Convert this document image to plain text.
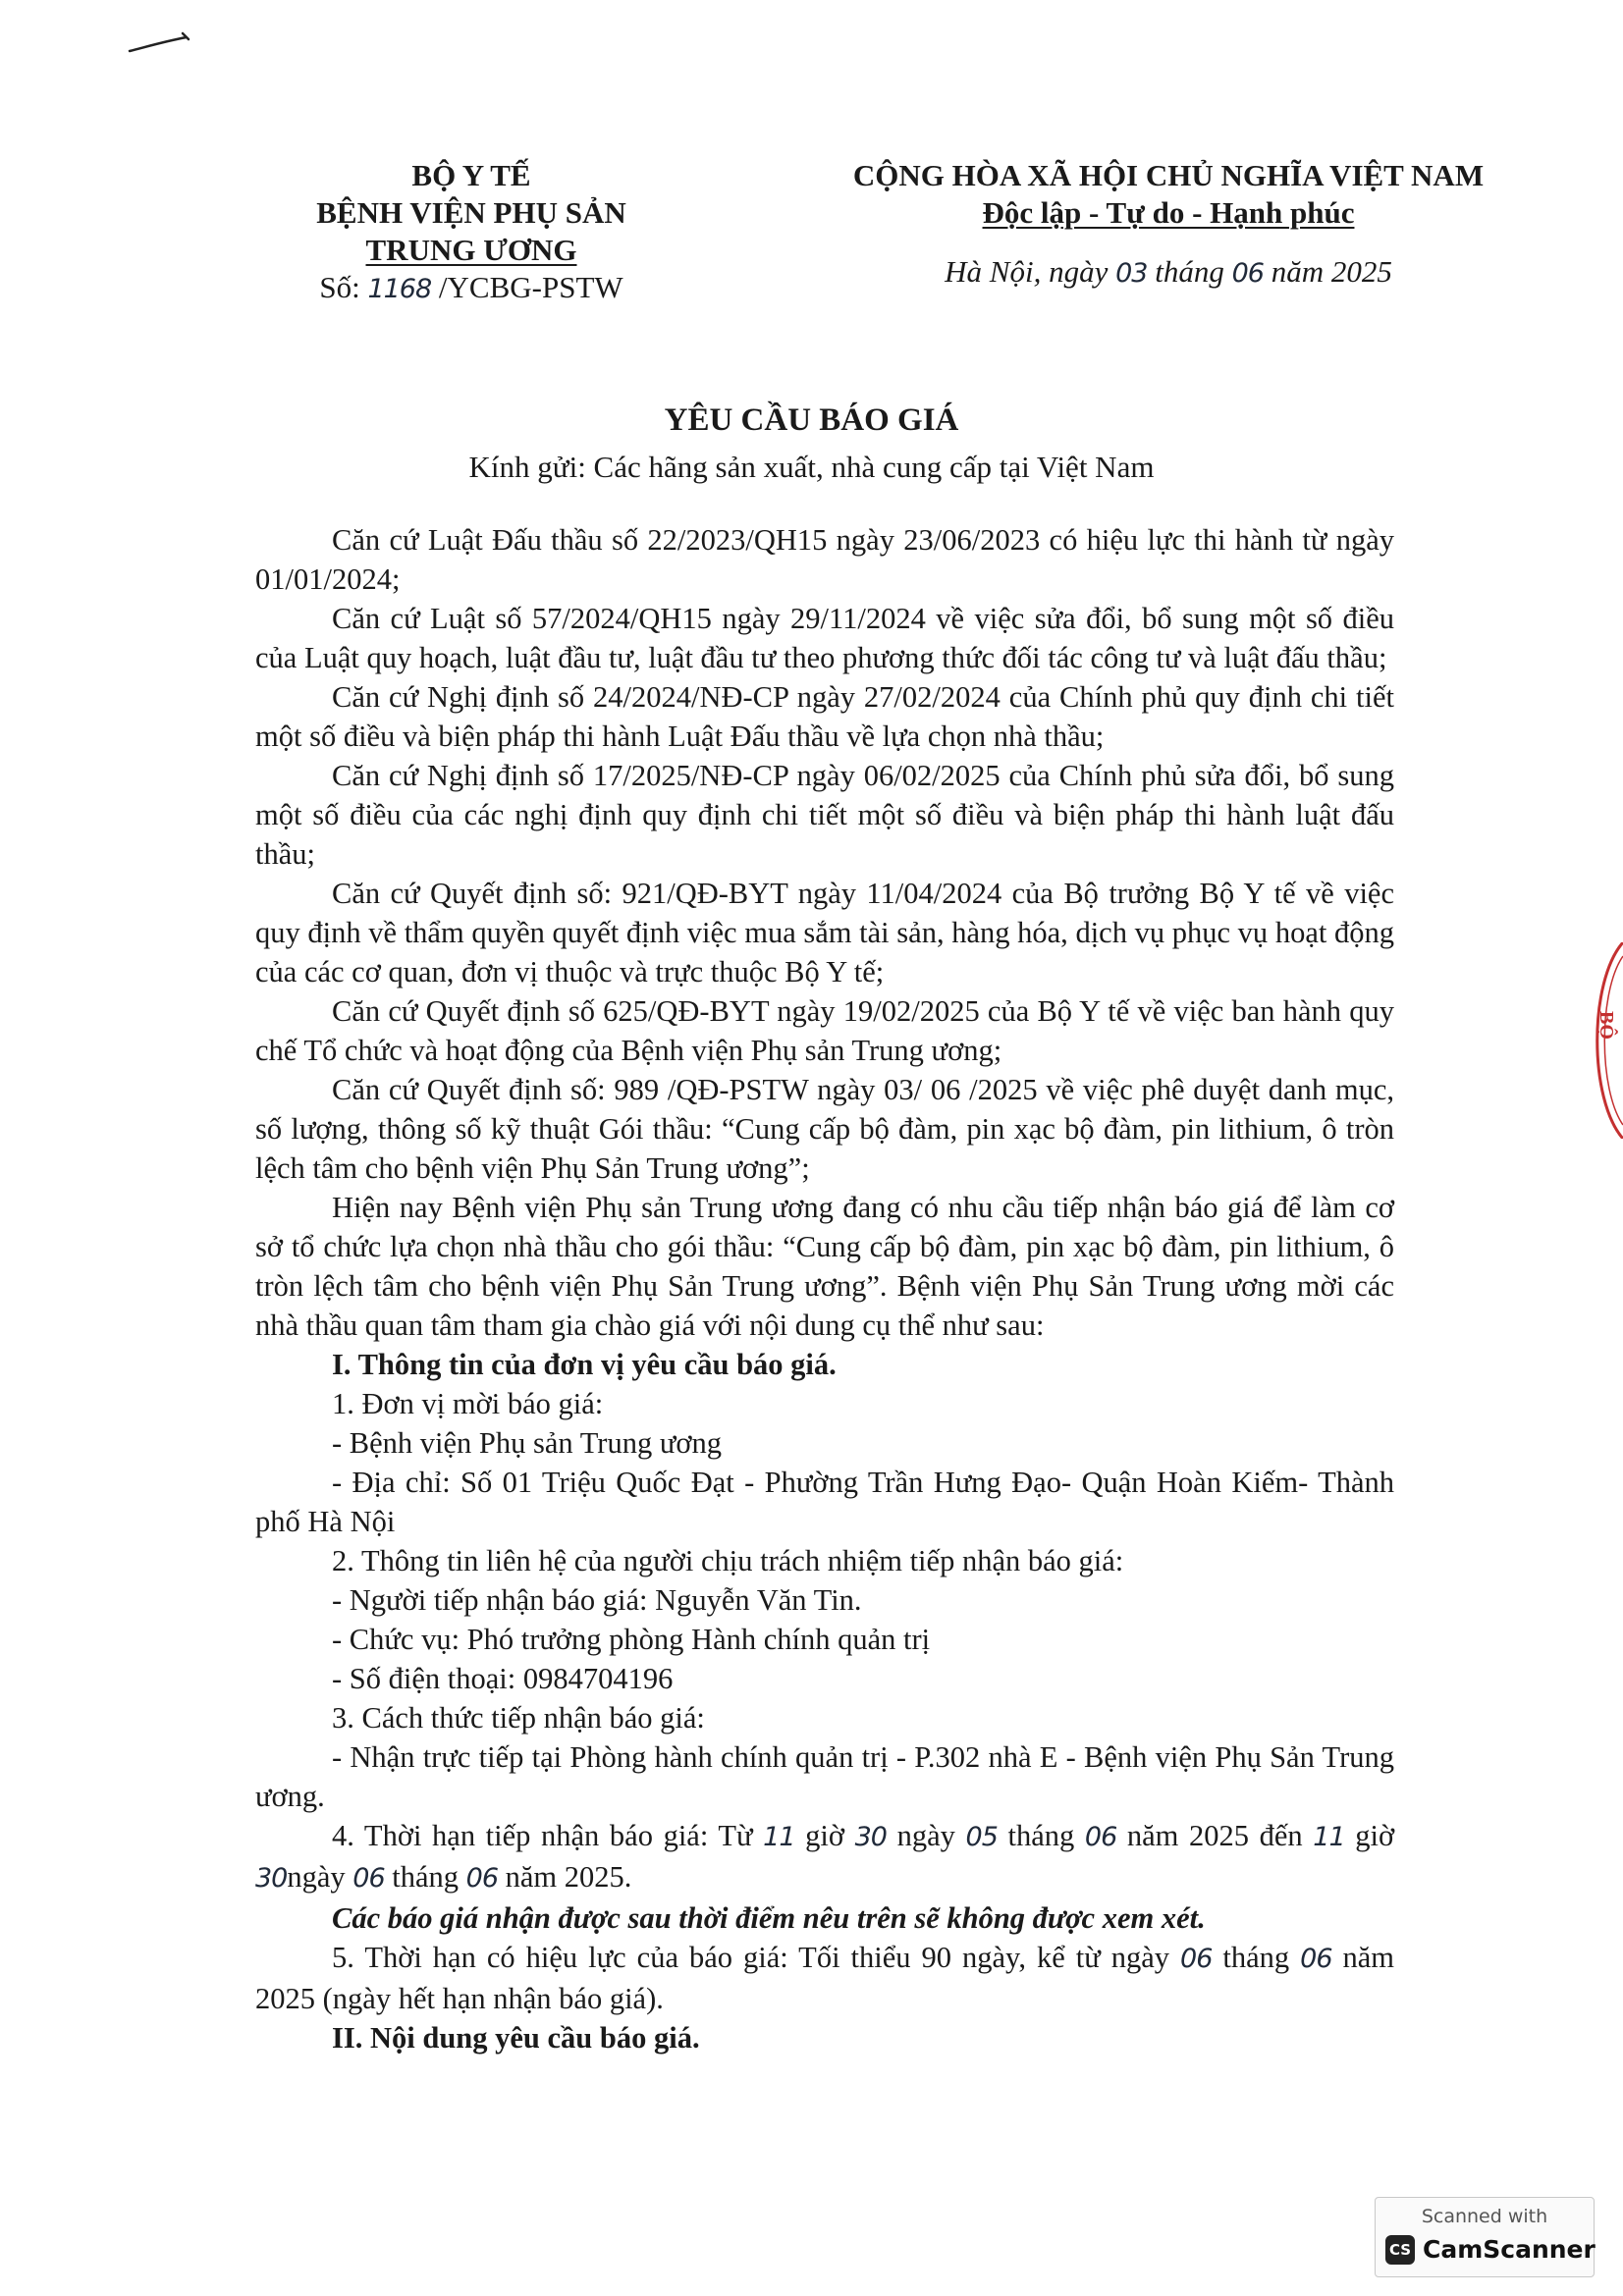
BỘ Y TẾ
BỆNH VIỆN PHỤ SẢN
TRUNG ƯƠNG
Số: 1168 /YCBG-PSTW
CỘNG HÒA XÃ HỘI CHỦ NGHĨA VIỆT NAM
Độc lập - Tự do - Hạnh phúc
Hà Nội, ngày 03 tháng 06 năm 2025
YÊU CẦU BÁO GIÁ
Kính gửi: Các hãng sản xuất, nhà cung cấp tại Việt Nam

Căn cứ Luật Đấu thầu số 22/2023/QH15 ngày 23/06/2023 có hiệu lực thi hành từ ngày 01/01/2024;

Căn cứ Luật số 57/2024/QH15 ngày 29/11/2024 về việc sửa đổi, bổ sung một số điều của Luật quy hoạch, luật đầu tư, luật đầu tư theo phương thức đối tác công tư và luật đấu thầu;

Căn cứ Nghị định số 24/2024/NĐ-CP ngày 27/02/2024 của Chính phủ quy định chi tiết một số điều và biện pháp thi hành Luật Đấu thầu về lựa chọn nhà thầu;

Căn cứ Nghị định số 17/2025/NĐ-CP ngày 06/02/2025 của Chính phủ sửa đổi, bổ sung một số điều của các nghị định quy định chi tiết một số điều và biện pháp thi hành luật đấu thầu;

Căn cứ Quyết định số: 921/QĐ-BYT ngày 11/04/2024 của Bộ trưởng Bộ Y tế về việc quy định về thẩm quyền quyết định việc mua sắm tài sản, hàng hóa, dịch vụ phục vụ hoạt động của các cơ quan, đơn vị thuộc và trực thuộc Bộ Y tế;

Căn cứ Quyết định số 625/QĐ-BYT ngày 19/02/2025 của Bộ Y tế về việc ban hành quy chế Tổ chức và hoạt động của Bệnh viện Phụ sản Trung ương;

Căn cứ Quyết định số: 989 /QĐ-PSTW ngày 03/ 06 /2025 về việc phê duyệt danh mục, số lượng, thông số kỹ thuật Gói thầu: “Cung cấp bộ đàm, pin xạc bộ đàm, pin lithium, ô tròn lệch tâm cho bệnh viện Phụ Sản Trung ương”;

Hiện nay Bệnh viện Phụ sản Trung ương đang có nhu cầu tiếp nhận báo giá để làm cơ sở tổ chức lựa chọn nhà thầu cho gói thầu: “Cung cấp bộ đàm, pin xạc bộ đàm, pin lithium, ô tròn lệch tâm cho bệnh viện Phụ Sản Trung ương”. Bệnh viện Phụ Sản Trung ương mời các nhà thầu quan tâm tham gia chào giá với nội dung cụ thể như sau:

I. Thông tin của đơn vị yêu cầu báo giá.

1. Đơn vị mời báo giá:

- Bệnh viện Phụ sản Trung ương

- Địa chỉ: Số 01 Triệu Quốc Đạt - Phường Trần Hưng Đạo- Quận Hoàn Kiếm- Thành phố Hà Nội

2. Thông tin liên hệ của người chịu trách nhiệm tiếp nhận báo giá:

- Người tiếp nhận báo giá: Nguyễn Văn Tin.

- Chức vụ: Phó trưởng phòng Hành chính quản trị

- Số điện thoại: 0984704196

3. Cách thức tiếp nhận báo giá:

- Nhận trực tiếp tại Phòng hành chính quản trị - P.302 nhà E - Bệnh viện Phụ Sản Trung ương.

4. Thời hạn tiếp nhận báo giá: Từ 11 giờ 30 ngày 05 tháng 06 năm 2025 đến 11 giờ 30ngày 06 tháng 06 năm 2025.

Các báo giá nhận được sau thời điểm nêu trên sẽ không được xem xét.

5. Thời hạn có hiệu lực của báo giá: Tối thiểu 90 ngày, kể từ ngày 06 tháng 06 năm 2025 (ngày hết hạn nhận báo giá).

II. Nội dung yêu cầu báo giá.

BỘ
Scanned with
CS CamScanner
